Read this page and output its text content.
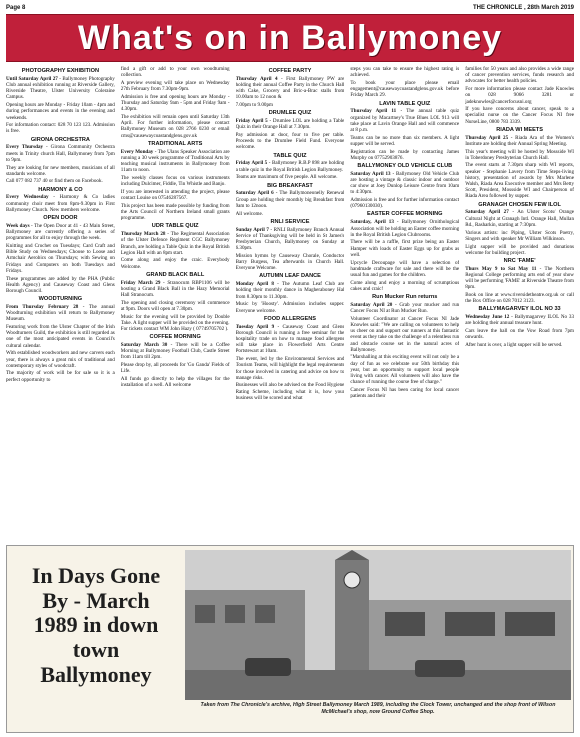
Page 8	THE CHRONICLE , 28th March 2019
What's on in Ballymoney
PHOTOGRAPHY EXHIBITION

Until Saturday April 27 - Ballymoney Photography Club annual exhibition running at Riverside Gallery, Riverside Theatre, Ulster University Coleraine Campus.

Opening hours are Monday - Friday 10am - 4pm and during performances and events in the evening and weekends.

For information contact: 028 70 123 123. Admission is free.

GIRONA ORCHESTRA

Every Thursday - Girona Community Orchestra meets in Trinity church Hall, Ballymoney from 7pm to 9pm.

They are looking for new members, musicians of all standards welcome.

Call 077 082 737 40 or find them on Facebook.

HARMONY & CO

Every Wednesday - Harmony & Co ladies community choir meet from 8pm-9.30pm in First Ballymoney Church. New members welcome.

OPEN DOOR

Week days - The Open Door at 41 - 43 Main Street, Ballymoney are currently offering a series of programmes for all to enjoy through the week.

Knitting and Crochet on Tuesdays; Card Craft and Bible Study on Wednesdays; Choose to Loose and Armchair Aerobics on Thursdays; with Sewing on Fridays and Computers on both Tuesdays and Fridays.

These programmes are added by the PHA (Public Health Agency) and Causeway Coast and Glens Borough Council.

WOODTURNING

From Thursday February 28 - The annual Woodturning exhibition will return to Ballymoney Museum.

Featuring work from the Ulster Chapter of the Irish Woodturners Guild, the exhibition is still regarded as one of the most anticipated events in Council's cultural calendar.

With established woodworkers and new carvers each year, there is always a great mix of traditional and contemporary styles of woodcraft.

The majority of work will be for sale so it is a perfect opportunity to

find a gift or add to your own woodturning collection.

A preview evening will take place on Wednesday 27th February from 7.30pm-9pm.

Admission is free and opening hours are Monday - Thursday and Saturday 9am - 5pm and Friday 9am - 4.30pm.

The exhibition will remain open until Saturday 13th April. For further information, please contact Ballymoney Museum on 028 2766 0230 or email cms@causewaycoastandglens.gov.uk

TRADITIONAL ARTS

Every Monday - The Ulans Speaker Association are running a 30 week programme of Traditional Arts by teaching musical instruments in Ballymoney from 11am to noon.

The weekly classes focus on various instruments including Dulcimer, Fiddle, Tin Whistle and Banjo.

If you are interested in attending the project, please contact Louise on 07546287567.

This project has been made possible by funding from the Arts Council of Northern Ireland small grants programme.

UDR TABLE QUIZ

Thursday March 28 - The Regimental Association of the Ulster Defence Regiment CGC Ballymoney Branch, are holding a Table Quiz in the Royal British Legion Hall with an 8pm start.

Come along and enjoy the craic. Everybody Welcome.

GRAND BLACK BALL

Friday March 29 - Stranocum RBP1106 will be hosting a Grand Black Ball in the Hazy Memorial Hall Stranocum.

The opening and closing ceremony will commence at 9pm. Doors will open at 7.30pm.

Music for the evening will be provided by Double Take. A light supper will be provided on the evening. For tickets contact WM John Hazy ( 07749705702 ).

COFFEE MORNING

Saturday March 30 - There will be a Coffee Morning at Ballymoney Football Club, Castle Street from 11am till 2pm.

Please drop by, all proceeds for 'Go Ganda' Fields of Life.

All funds go directly to help the villages for the installation of a well. All welcome

COFFEE PARTY

Thursday April 4 - First Ballymoney PW are holding their annual Coffee Party in the Church Hall with Cake, Grocery and Bric-a-Brac stalls from 10.00am to 12 noon &

7.00pm to 9.00pm

DRUMLEE QUIZ

Friday April 5 - Drumlee LOL are holding a Table Quiz in their Orange Hall at 7.30pm.

Pay admission at door, four to five per table. Proceeds to the Drumlee Field Fund. Everyone welcome.

TABLE QUIZ

Friday April 5 - Ballymoney R.B.P 898 are holding a table quiz in the Royal British Legion Ballymoney.

Teams are maximum of five people. All welcome.

BIG BREAKFAST

Saturday April 6 - The Ballymoneonelly Renewal Group are holding their monthly big Breakfast from 9am to 12noon.

All welcome.

RNLI SERVICE

Sunday April 7 - RNLI Ballymoney Branch Annual Service of Thanksgiving will be held in St James's Presbyterian Church, Ballymoney on Sunday at 6.30pm.

Mission hymns by Causeway Chorale, Conductor Barry Burgess, Tea afterwards in Church Hall. Everyone Welcome.

AUTUMN LEAF DANCE

Monday April 8 - The Autumn Leaf Club are holding their monthly dance in Magheraboney Hal from 8.30pm to 11.30pm.

Music by 'Hoosty'. Admission includes supper. Everyone welcome.

FOOD ALLERGENS

Tuesday April 9 - Causeway Coast and Glens Borough Council is running a free seminar for the hospitality trade on how to manage food allergens will take place in Flowerfield Arts Centre Portstewart at 10am.

The event, led by the Environmental Services and Tourism Teams, will highlight the legal requirements for those involved in catering and advice on how to manage risks.

Businesses will also be advised on the Food Hygiene Rating Scheme, including what it is, how your business will be scored and what

steps you can take to ensure the highest rating is achieved.

To book your place please email engagement@causewaycoastandglens.gov.uk before Friday March 29.

LAVIN TABLE QUIZ

Thursday April 11 - The annual table quiz organized by Macartney's True Blues LOL 913 will take place at Lavin Orange Hall and will commence at 8 p.m.

Teams can be no more than six members. A light supper will be served.

Registration can be made by contacting James Murphy on 07752903876.

BALLYMONEY OLD VEHICLE CLUB

Saturday April 13 - Ballymoney Old Vehicle Club are hosting a vintage & classic indoor and outdoor car show at Joey Dunlop Leisure Centre from 10am to 4:30pm.

Admission is free and for further information contact (07960130030).

EASTER COFFEE MORNING

Saturday, April 13 - Ballymoney Ornithological Association will be holding an Easter coffee morning in the Royal British Legion Clubrooms.

There will be a raffle, first prize being an Easter Hamper with loads of Easter Eggs up for grabs as well.

Upcycle Decoupage will have a selection of handmade craftware for sale and there will be the usual fun and games for the children.

Come along and enjoy a morning of scrumptious cakes and craic!

Run Mucker Run returns

Saturday April 20 - Grab your mucker and run Cancer Focus NI at Run Mucker Run.

Volunteer Coordinator at Cancer Focus NI Jade Knowles said: "We are calling on volunteers to help us cheer on and support our runners at this fantastic event as they take on the challenge of a relentless run and obstacle course set in the natural acres of Ballymoney.

"Marshalling at this exciting event will not only be a day of fun as we celebrate our 50th birthday this year, but an opportunity to support local people living with cancer. All volunteers will also have the chance of running the course free of charge."

Cancer Focus NI has been caring for local cancer patients and their

families for 50 years and also provides a wide range of cancer prevention services, funds research and advocates for better health policies.

For more information please contact Jade Knowles on 028 9066 3281 or jadeknowles@cancerfocusni.org

If you have concerns about cancer, speak to a specialist nurse on the Cancer Focus NI free NurseLine, 0800 783 3339.

RIADA WI MEETS

Thursday April 25 - Riada Ara of the Women's Institute are holding their Annual Spring Meeting.

This year's meeting will be hosted by Mossside WI in Toberdoney Presbyterian Church Hall.

The event starts at 7.30pm sharp with WI reports, speaker - Stephanie Lavery from Time Steps-living history, presentation of awards by Mrs Marlene Walsh, Riada Area Executive member and Mrs Betty Scott, President, Mossside WI and Chairperson of Riada Area followed by supper.

GRANAGH CHOSEN FEW ILOL

Saturday April 27 - An Ulster Scots/ Orange Cultural Night at Granagh Intl. Orange Hall, Mullan Rd., Rasharkin, starting at 7:30pm.

Various artists: inc Piping, Ulster Scots Poetry, Singers and with speaker Mr William Wilkinson.

Light supper will be provided and donations welcome for building project.

NRC 'FAME'

Thurs May 9 to Sat May 11 - The Northern Regional College performing arts end of year show will be performing 'FAME' at Riverside Theatre from 8pm.

Book on line at www.riversidetheatre.org.uk or call the Box Office on 028 7012 3123.

BALLYMAGARVEY ILOL NO 33

Wednesday June 12 - Ballymagarvey ILOL No 33 are holding their annual treasure hunt.

Cars leave the hall on the Vow Road from 7pm onwards.

After hunt is over, a light supper will be served.

In Days Gone By - March 1989 in down town Ballymoney
Taken from The Chronicle's archive, High Street Ballymoney March 1989, including the Clock Tower, unchanged and the shop front of Wilson McMichael's shop, now Ground Coffee Shop.
